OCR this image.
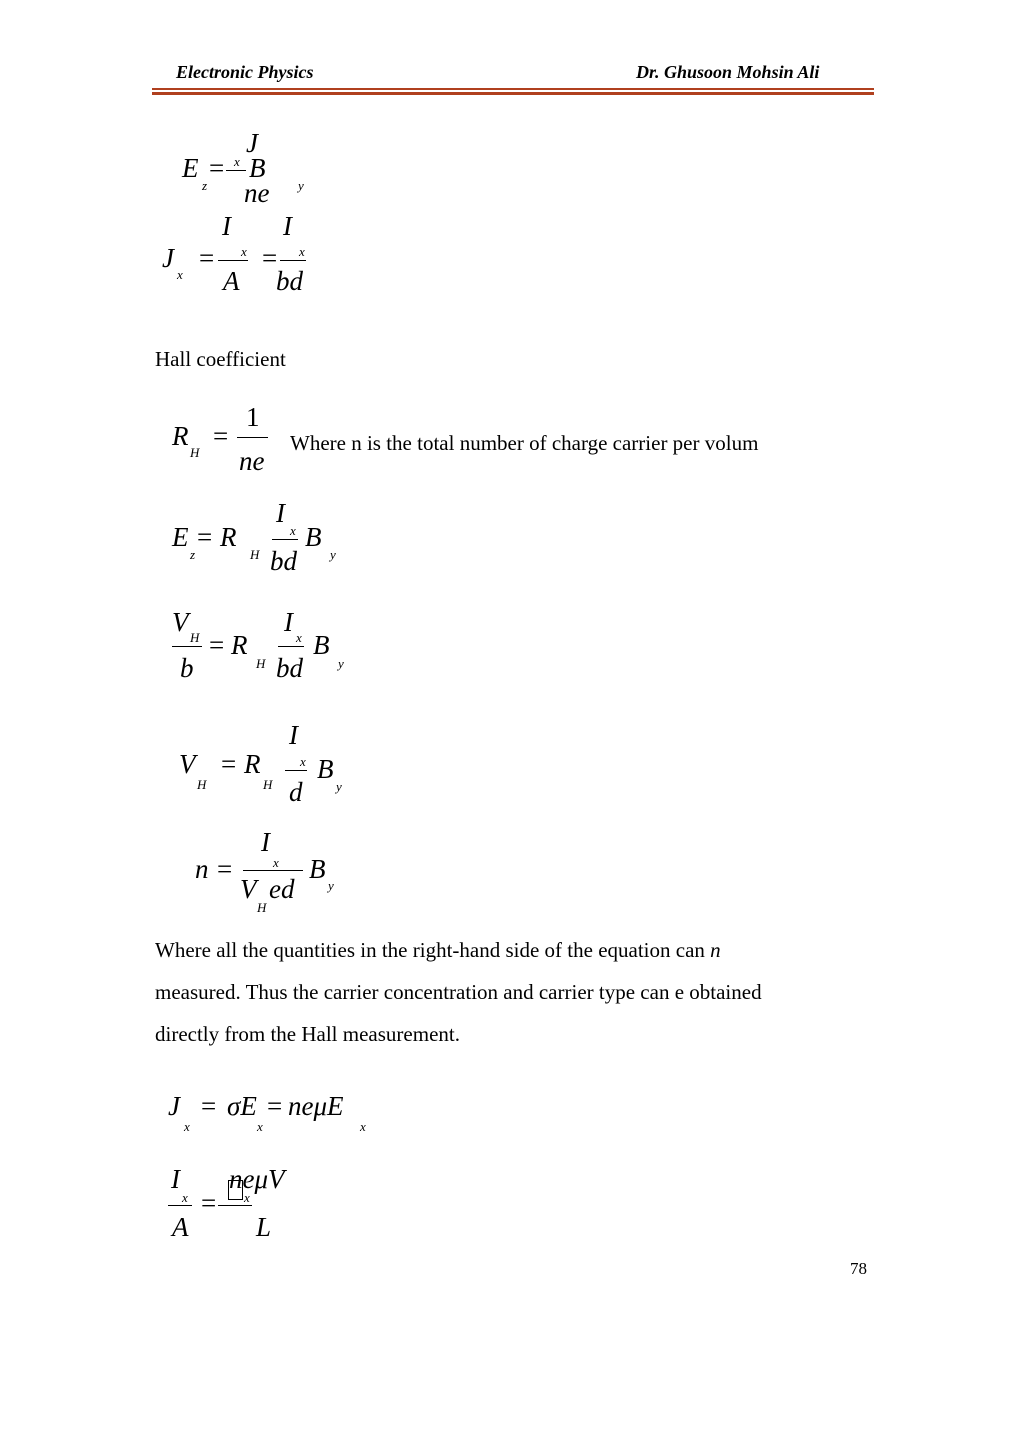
Electronic Physics	Dr. Ghusoon Mohsin Ali
E
z
=
J
x B
ne y
J
x
=
I
x
A
=
I
x
bd
Hall coefficient
R
H
=
1
ne
Where n is the total number of charge carrier per volum
E
z
= R
H
I
x
bd
B
y
V
H
b
= R
H
I
x
bd
B
y
V
H
= R
H
I
x
d
B
y
n =
I
x
V
H
ed
B
y
Where all the quantities in the right-hand side of the equation can n
measured. Thus the carrier concentration and carrier type can e obtained
directly from the Hall measurement.
J
x
= σE
x
= neμE
x
I
x
A
=
neμV
x
L
78
